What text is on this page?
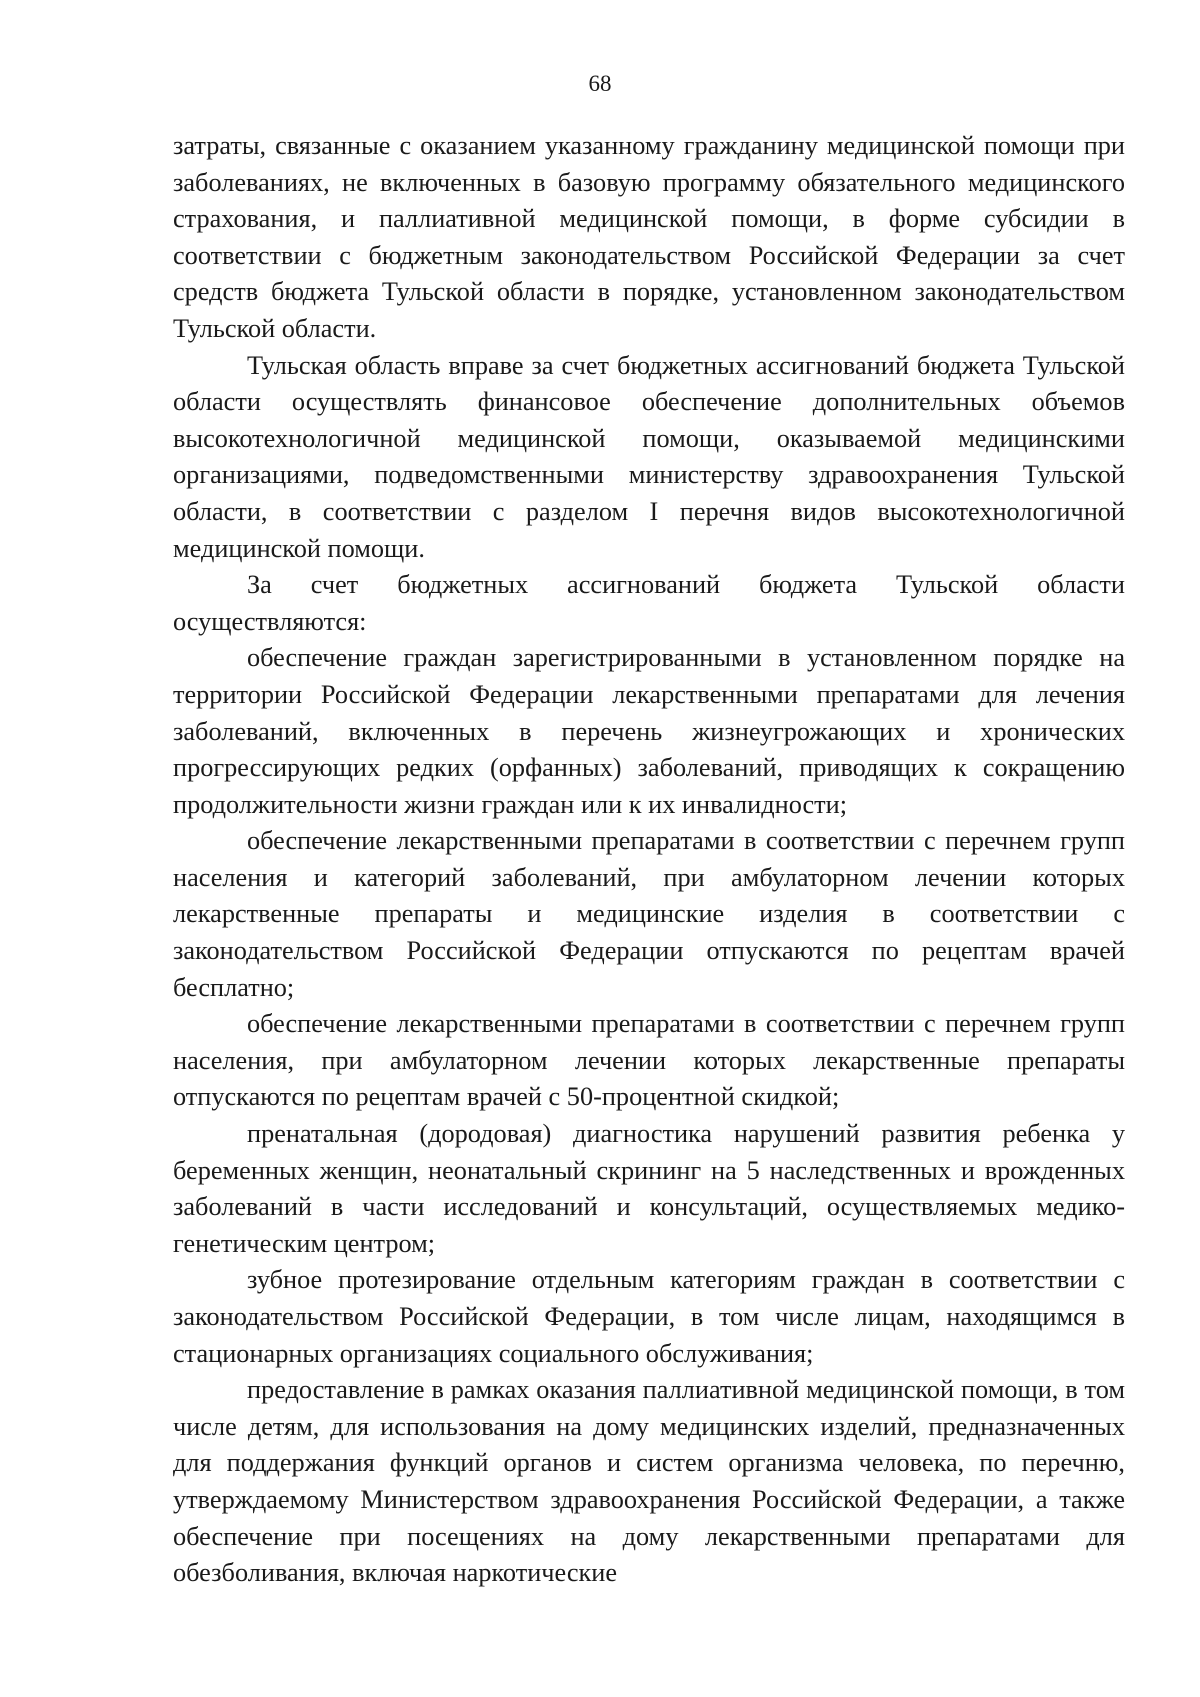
68

затраты, связанные с оказанием указанному гражданину медицинской помощи при заболеваниях, не включенных в базовую программу обязательного медицинского страхования, и паллиативной медицинской помощи, в форме субсидии в соответствии с бюджетным законодательством Российской Федерации за счет средств бюджета Тульской области в порядке, установленном законодательством Тульской области.

Тульская область вправе за счет бюджетных ассигнований бюджета Тульской области осуществлять финансовое обеспечение дополнительных объемов высокотехнологичной медицинской помощи, оказываемой медицинскими организациями, подведомственными министерству здравоохранения Тульской области, в соответствии с разделом I перечня видов высокотехнологичной медицинской помощи.

За счет бюджетных ассигнований бюджета Тульской области осуществляются:

обеспечение граждан зарегистрированными в установленном порядке на территории Российской Федерации лекарственными препаратами для лечения заболеваний, включенных в перечень жизнеугрожающих и хронических прогрессирующих редких (орфанных) заболеваний, приводящих к сокращению продолжительности жизни граждан или к их инвалидности;

обеспечение лекарственными препаратами в соответствии с перечнем групп населения и категорий заболеваний, при амбулаторном лечении которых лекарственные препараты и медицинские изделия в соответствии с законодательством Российской Федерации отпускаются по рецептам врачей бесплатно;

обеспечение лекарственными препаратами в соответствии с перечнем групп населения, при амбулаторном лечении которых лекарственные препараты отпускаются по рецептам врачей с 50-процентной скидкой;

пренатальная (дородовая) диагностика нарушений развития ребенка у беременных женщин, неонатальный скрининг на 5 наследственных и врожденных заболеваний в части исследований и консультаций, осуществляемых медико-генетическим центром;

зубное протезирование отдельным категориям граждан в соответствии с законодательством Российской Федерации, в том числе лицам, находящимся в стационарных организациях социального обслуживания;

предоставление в рамках оказания паллиативной медицинской помощи, в том числе детям, для использования на дому медицинских изделий, предназначенных для поддержания функций органов и систем организма человека, по перечню, утверждаемому Министерством здравоохранения Российской Федерации, а также обеспечение при посещениях на дому лекарственными препаратами для обезболивания, включая наркотические
